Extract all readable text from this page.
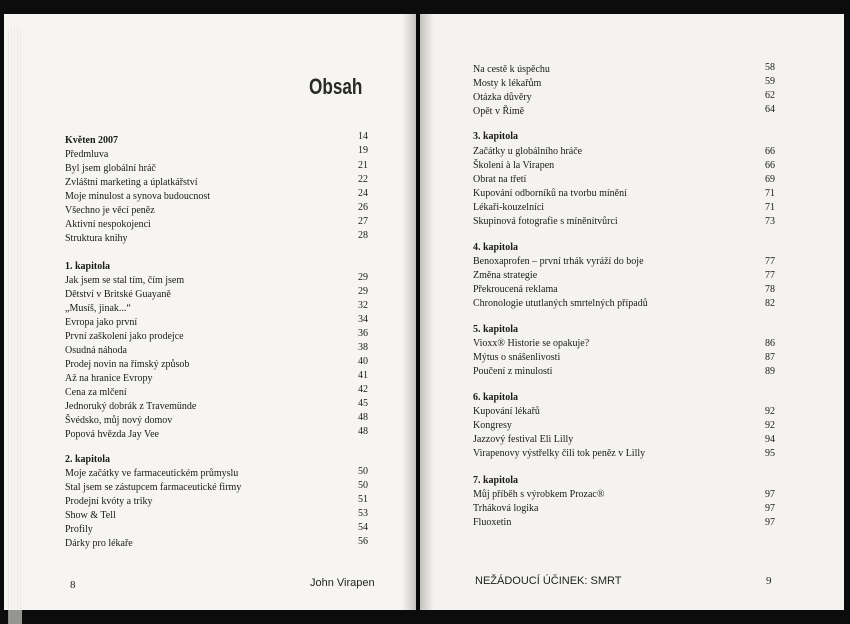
Obsah
Květen 2007	14
Předmluva	19
Byl jsem globální hráč	21
Zvláštní marketing a úplatkářství	22
Moje minulost a synova budoucnost	24
Všechno je věcí peněz	26
Aktivní nespokojenci	27
Struktura knihy	28
1. kapitola
Jak jsem se stal tím, čím jsem	29
Dětství v Britské Guayaně	29
„Musíš, jinak...“	32
Evropa jako první	34
První zaškolení jako prodejce	36
Osudná náhoda	38
Prodej novin na římský způsob	40
Až na hranice Evropy	41
Cena za mlčení	42
Jednoruký dobrák z Travemünde	45
Švédsko, můj nový domov	48
Popová hvězda Jay Vee	48
2. kapitola
Moje začátky ve farmaceutickém průmyslu	50
Stal jsem se zástupcem farmaceutické firmy	50
Prodejní kvóty a triky	51
Show & Tell	53
Profily	54
Dárky pro lékaře	56
8	John Virapen
Na cestě k úspěchu	58
Mosty k lékařům	59
Otázka důvěry	62
Opět v Římě	64
3. kapitola
Začátky u globálního hráče	66
Školení à la Virapen	66
Obrat na třetí	69
Kupování odborníků na tvorbu mínění	71
Lékaři-kouzelníci	71
Skupinová fotografie s míněnítvůrci	73
4. kapitola
Benoxaprofen – první trhák vyráží do boje	77
Změna strategie	77
Překroucená reklama	78
Chronologie ututlaných smrtelných případů	82
5. kapitola
Vioxx® Historie se opakuje?	86
Mýtus o snášenlivosti	87
Poučení z minulosti	89
6. kapitola
Kupování lékařů	92
Kongresy	92
Jazzový festival Eli Lilly	94
Virapenovy výstřelky čili tok peněz v Lilly	95
7. kapitola
Můj příběh s výrobkem Prozac®	97
Trháková logika	97
Fluoxetin	97
NEŽÁDOUCÍ ÚČINEK: SMRT	9
